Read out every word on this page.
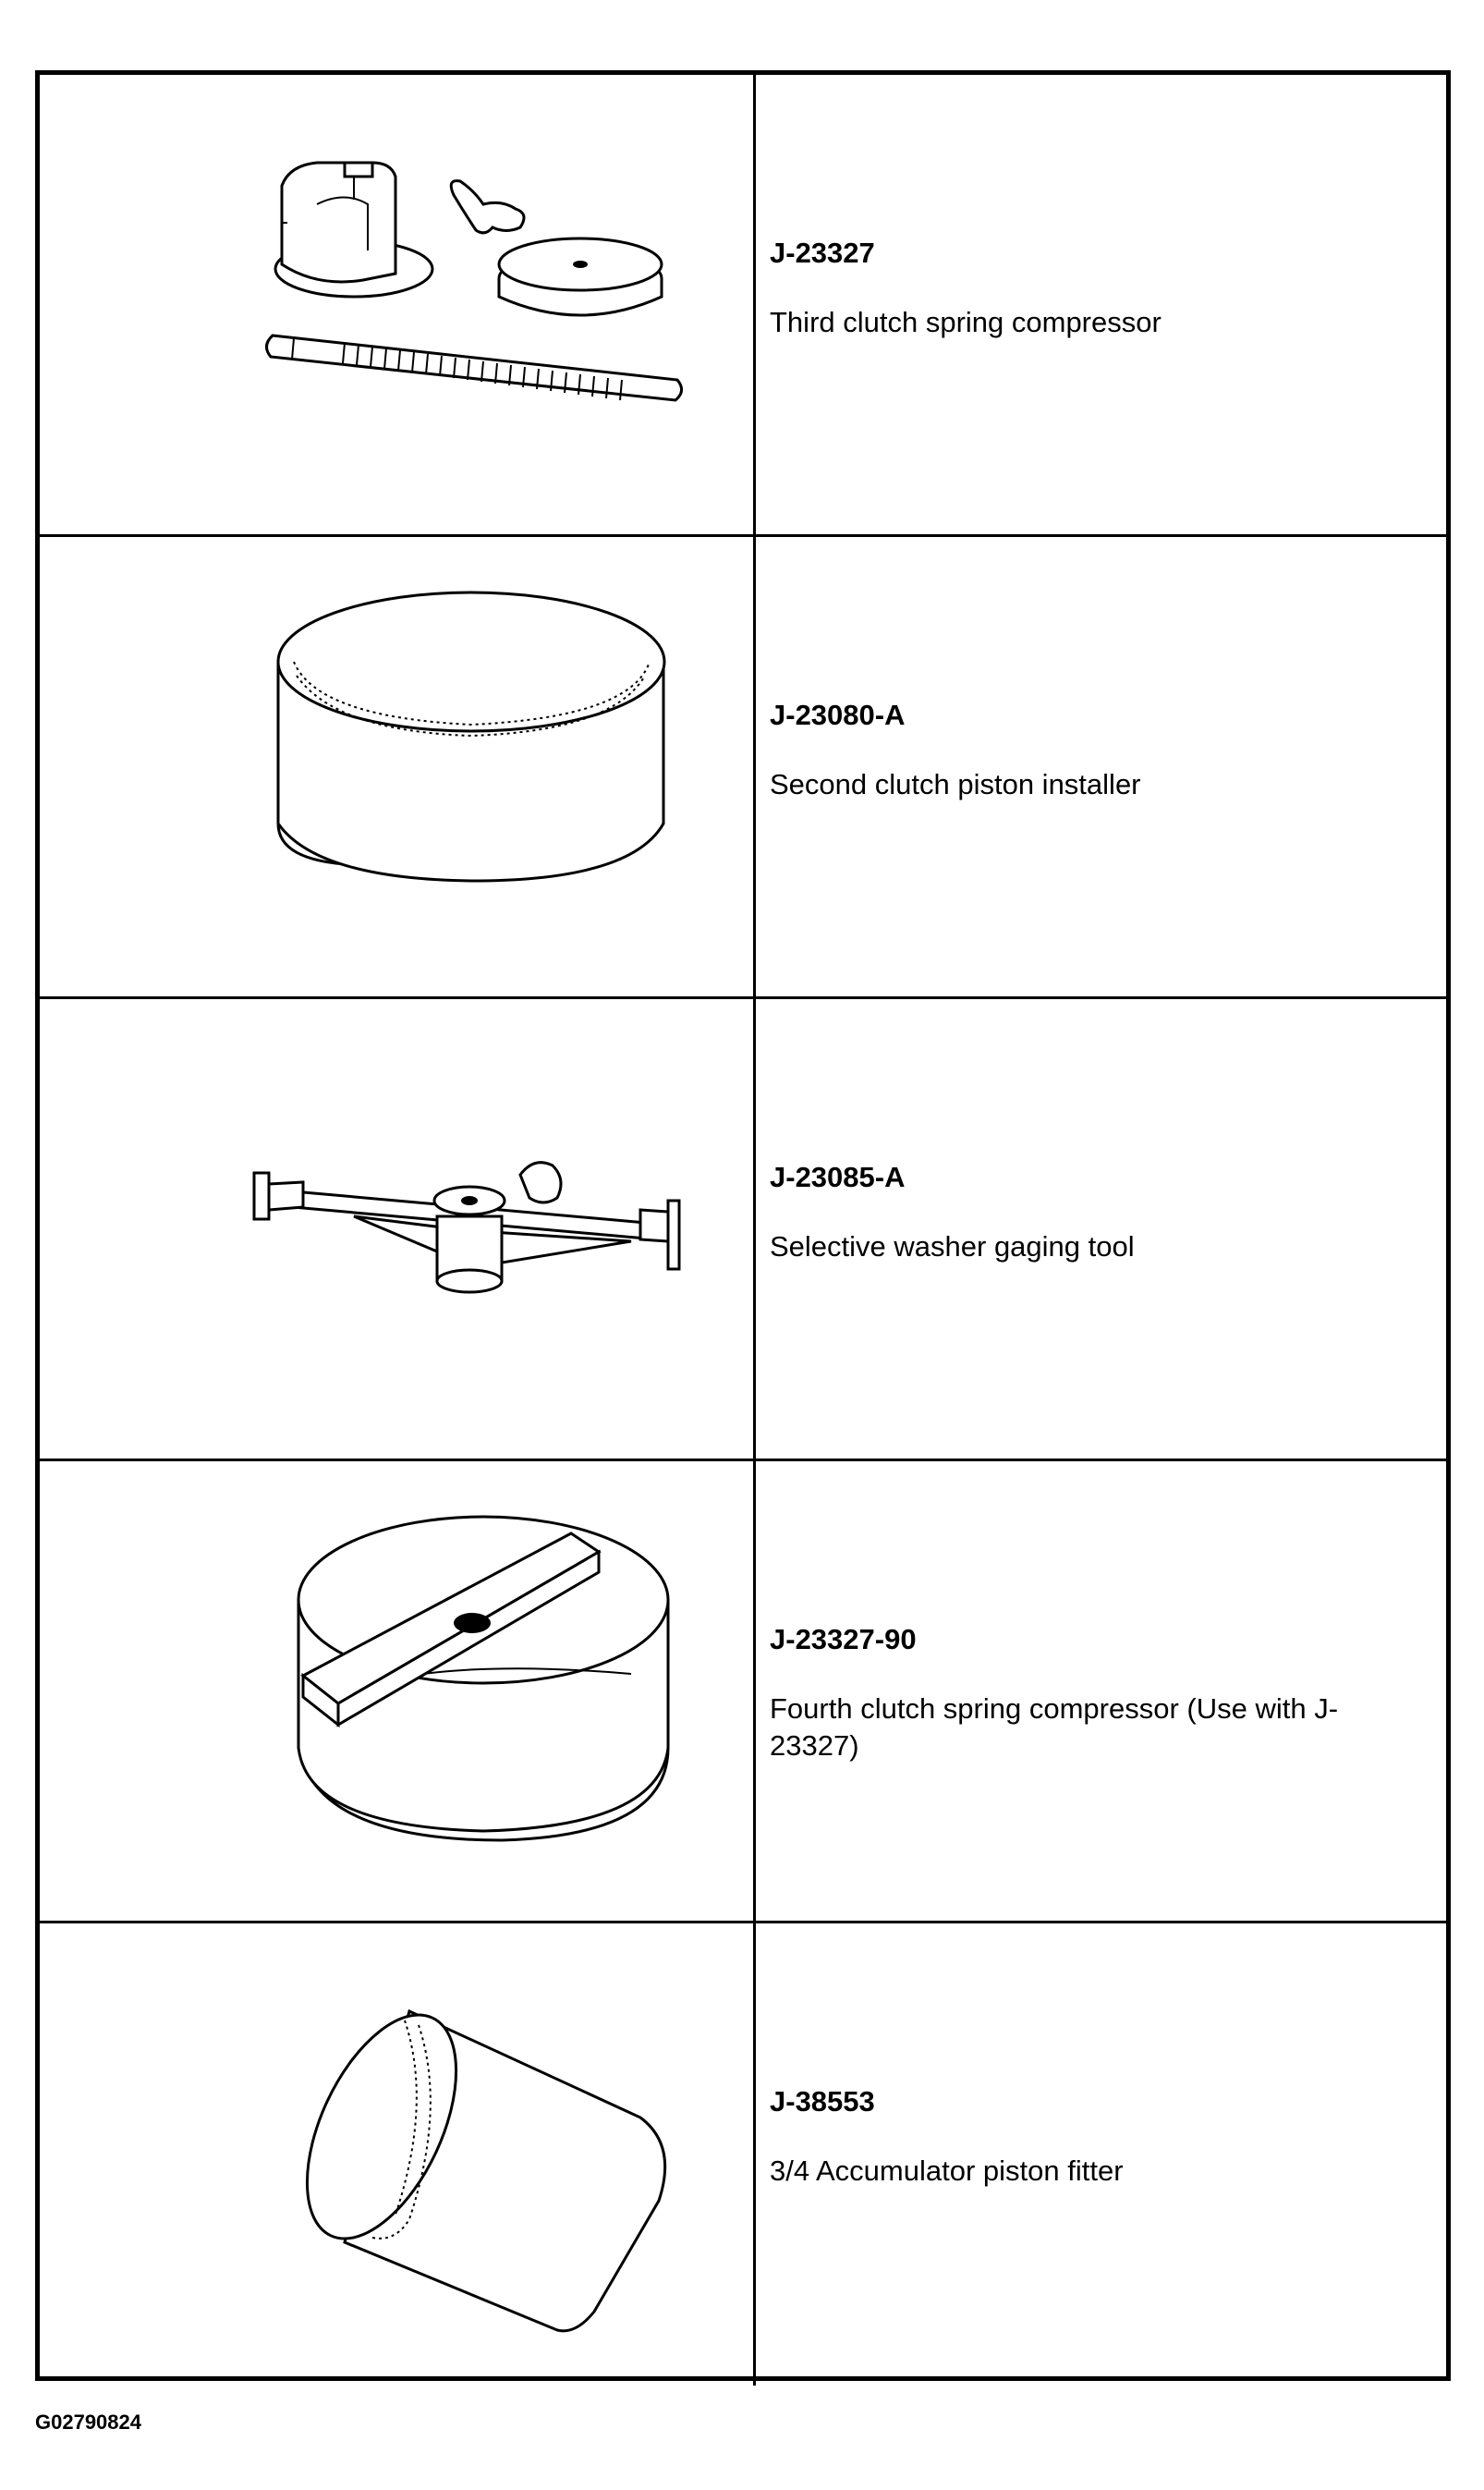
J-23327
Third clutch spring compressor
J-23080-A
Second clutch piston installer
J-23085-A
Selective washer gaging tool
J-23327-90
Fourth clutch spring compressor (Use with J-23327)
J-38553
3/4 Accumulator piston fitter
G02790824
